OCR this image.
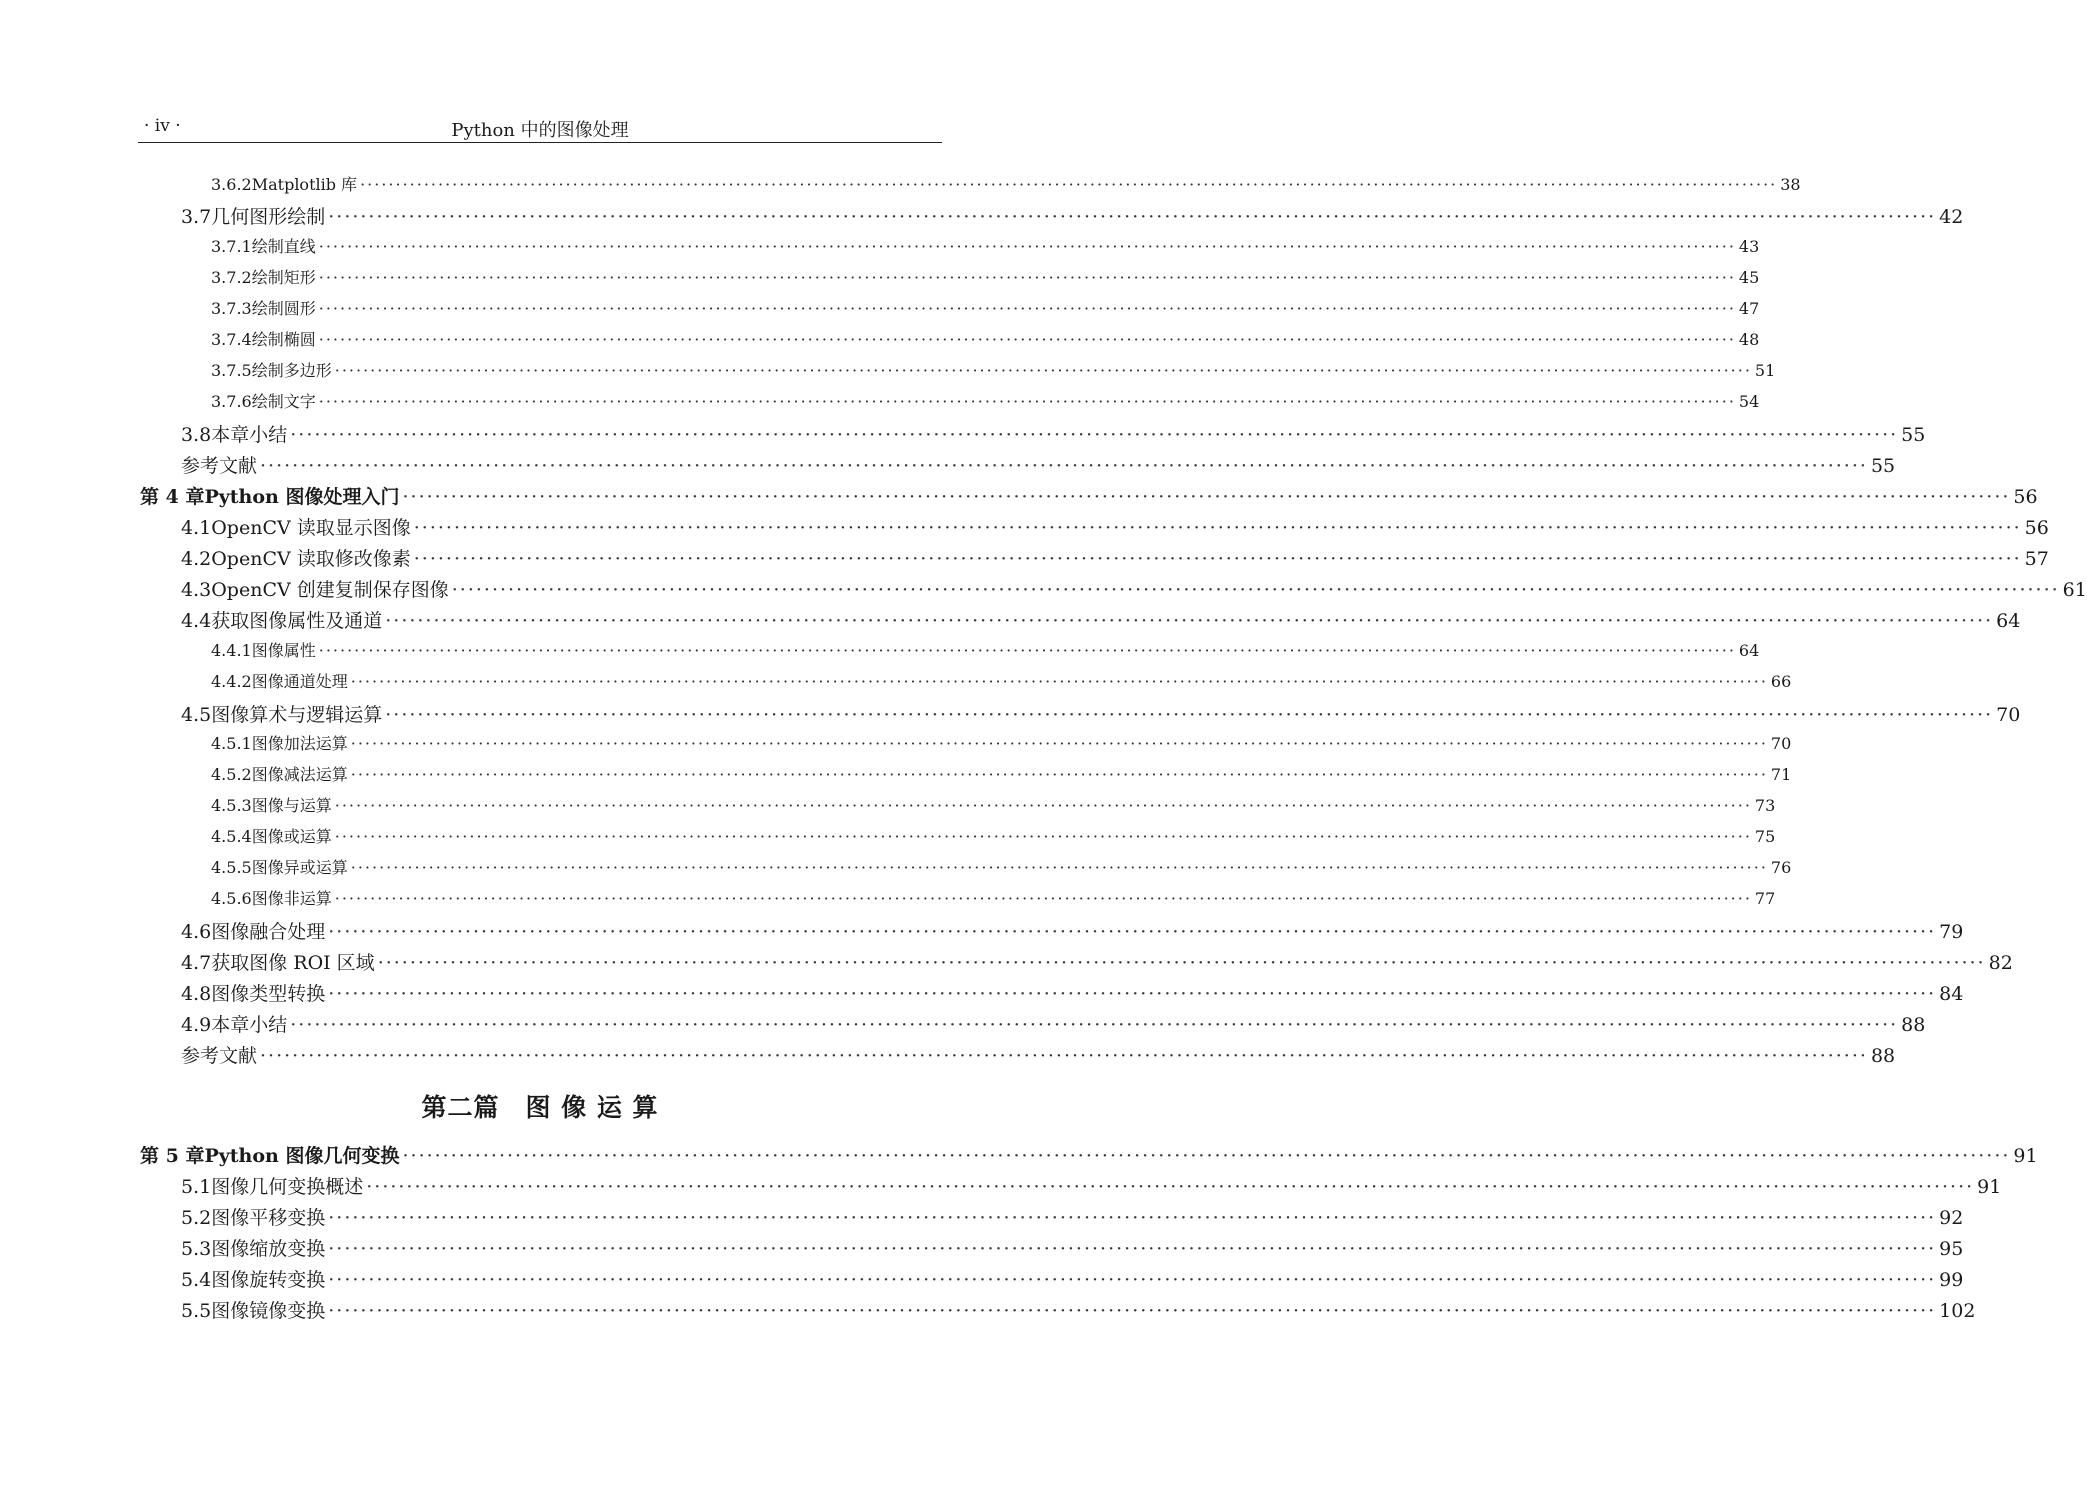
· iv ·	Python 中的图像处理
3.6.2 Matplotlib 库 ········································································································································································································ 38
3.7 几何图形绘制 ········································································································································································································ 42
3.7.1 绘制直线 ········································································································································································································ 43
3.7.2 绘制矩形 ········································································································································································································ 45
3.7.3 绘制圆形 ········································································································································································································ 47
3.7.4 绘制椭圆 ········································································································································································································ 48
3.7.5 绘制多边形 ········································································································································································································ 51
3.7.6 绘制文字 ········································································································································································································ 54
3.8 本章小结 ········································································································································································································ 55
参考文献 ········································································································································································································ 55
第 4 章 Python 图像处理入门 ········································································································································································································ 56
4.1 OpenCV 读取显示图像 ········································································································································································································ 56
4.2 OpenCV 读取修改像素 ········································································································································································································ 57
4.3 OpenCV 创建复制保存图像 ········································································································································································································ 61
4.4 获取图像属性及通道 ········································································································································································································ 64
4.4.1 图像属性 ········································································································································································································ 64
4.4.2 图像通道处理 ········································································································································································································ 66
4.5 图像算术与逻辑运算 ········································································································································································································ 70
4.5.1 图像加法运算 ········································································································································································································ 70
4.5.2 图像减法运算 ········································································································································································································ 71
4.5.3 图像与运算 ········································································································································································································ 73
4.5.4 图像或运算 ········································································································································································································ 75
4.5.5 图像异或运算 ········································································································································································································ 76
4.5.6 图像非运算 ········································································································································································································ 77
4.6 图像融合处理 ········································································································································································································ 79
4.7 获取图像 ROI 区域 ········································································································································································································ 82
4.8 图像类型转换 ········································································································································································································ 84
4.9 本章小结 ········································································································································································································ 88
参考文献 ········································································································································································································ 88
第 5 章 Python 图像几何变换 ········································································································································································································ 91
5.1 图像几何变换概述 ········································································································································································································ 91
5.2 图像平移变换 ········································································································································································································ 92
5.3 图像缩放变换 ········································································································································································································ 95
5.4 图像旋转变换 ········································································································································································································ 99
5.5 图像镜像变换 ········································································································································································································ 102
第二篇　图 像 运 算
